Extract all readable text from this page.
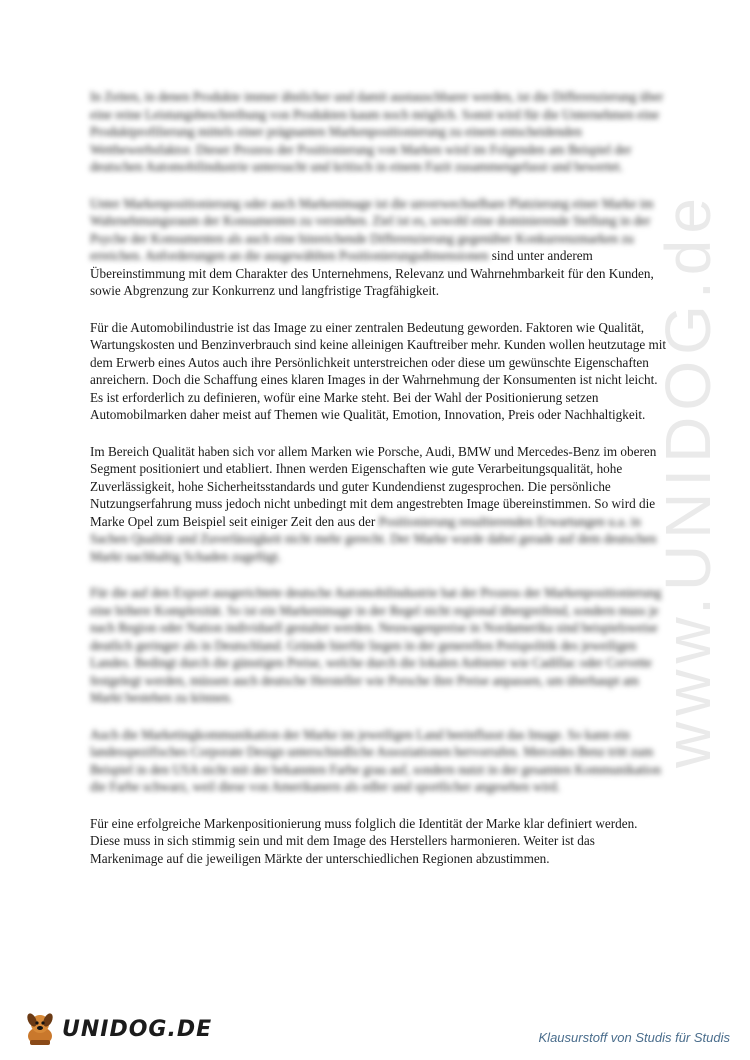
www.UNIDOG.de

In Zeiten, in denen Produkte immer ähnlicher und damit austauschbarer werden, ist die Differenzierung über eine reine Leistungsbeschreibung von Produkten kaum noch möglich. Somit wird für die Unternehmen eine Produktprofilierung mittels einer prägnanten Markenpositionierung zu einem entscheidenden Wettbewerbsfaktor. Dieser Prozess der Positionierung von Marken wird im Folgenden am Beispiel der deutschen Automobilindustrie untersucht und kritisch in einem Fazit zusammengefasst und bewertet.

Unter Markenpositionierung oder auch Markenimage ist die unverwechselbare Platzierung einer Marke im Wahrnehmungsraum der Konsumenten zu verstehen. Ziel ist es, sowohl eine dominierende Stellung in der Psyche der Konsumenten als auch eine hinreichende Differenzierung gegenüber Konkurrenzmarken zu erreichen. Anforderungen an die ausgewählten Positionierungsdimensionen sind unter anderem Übereinstimmung mit dem Charakter des Unternehmens, Relevanz und Wahrnehmbarkeit für den Kunden, sowie Abgrenzung zur Konkurrenz und langfristige Tragfähigkeit.

Für die Automobilindustrie ist das Image zu einer zentralen Bedeutung geworden. Faktoren wie Qualität, Wartungskosten und Benzinverbrauch sind keine alleinigen Kauftreiber mehr. Kunden wollen heutzutage mit dem Erwerb eines Autos auch ihre Persönlichkeit unterstreichen oder diese um gewünschte Eigenschaften anreichern. Doch die Schaffung eines klaren Images in der Wahrnehmung der Konsumenten ist nicht leicht. Es ist erforderlich zu definieren, wofür eine Marke steht. Bei der Wahl der Positionierung setzen Automobilmarken daher meist auf Themen wie Qualität, Emotion, Innovation, Preis oder Nachhaltigkeit.

Im Bereich Qualität haben sich vor allem Marken wie Porsche, Audi, BMW und Mercedes-Benz im oberen Segment positioniert und etabliert. Ihnen werden Eigenschaften wie gute Verarbeitungsqualität, hohe Zuverlässigkeit, hohe Sicherheitsstandards und guter Kundendienst zugesprochen. Die persönliche Nutzungserfahrung muss jedoch nicht unbedingt mit dem angestrebten Image übereinstimmen. So wird die Marke Opel zum Beispiel seit einiger Zeit den aus der Positionierung resultierenden Erwartungen u.a. in Sachen Qualität und Zuverlässigkeit nicht mehr gerecht. Der Marke wurde dabei gerade auf dem deutschen Markt nachhaltig Schaden zugefügt.

Für die auf den Export ausgerichtete deutsche Automobilindustrie hat der Prozess der Markenpositionierung eine höhere Komplexität. So ist ein Markenimage in der Regel nicht regional übergreifend, sondern muss je nach Region oder Nation individuell gestaltet werden. Neuwagenpreise in Nordamerika sind beispielsweise deutlich geringer als in Deutschland. Gründe hierfür liegen in der generellen Preispolitik des jeweiligen Landes. Bedingt durch die günstigen Preise, welche durch die lokalen Anbieter wie Cadillac oder Corvette festgelegt werden, müssen auch deutsche Hersteller wie Porsche ihre Preise anpassen, um überhaupt am Markt bestehen zu können.

Auch die Marketingkommunikation der Marke im jeweiligen Land beeinflusst das Image. So kann ein landesspezifisches Corporate Design unterschiedliche Assoziationen hervorrufen. Mercedes Benz tritt zum Beispiel in den USA nicht mit der bekannten Farbe grau auf, sondern nutzt in der gesamten Kommunikation die Farbe schwarz, weil diese von Amerikanern als edler und sportlicher angesehen wird.

Für eine erfolgreiche Markenpositionierung muss folglich die Identität der Marke klar definiert werden. Diese muss in sich stimmig sein und mit dem Image des Herstellers harmonieren. Weiter ist das Markenimage auf die jeweiligen Märkte der unterschiedlichen Regionen abzustimmen.

UNIDOG.DE	Klausurstoff von Studis für Studis
